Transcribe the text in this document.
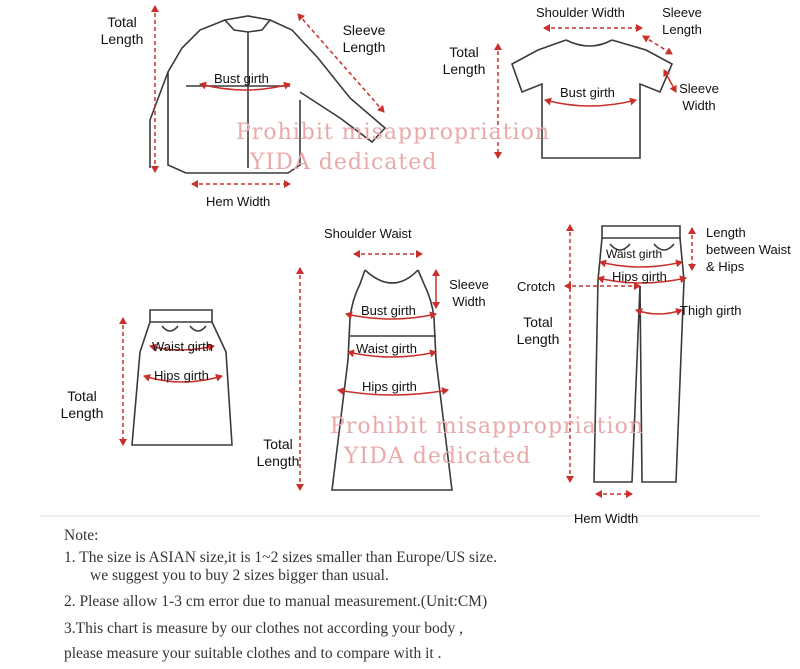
Prohibit misappropriation
YIDA dedicated
Prohibit misappropriation
YIDA dedicated
Total Length
Sleeve Length
Bust girth
Hem Width
Shoulder Width	Sleeve Length
Total Length
Bust girth	Sleeve Width
Waist girth
Hips girth
Total Length
Shoulder Waist
Sleeve Width
Bust girth
Waist girth
Hips girth
Total Length
Length between Waist & Hips
Waist girth
Hips girth
Crotch
Thigh girth
Total Length
Hem Width
Note:
1. The size is ASIAN size,it is 1~2 sizes smaller than Europe/US size.
we suggest you to buy 2 sizes bigger than usual.
2. Please allow 1-3 cm error due to manual measurement.(Unit:CM)
3.This chart is measure by our clothes not according your body ,
please measure your suitable clothes and to compare with it .
